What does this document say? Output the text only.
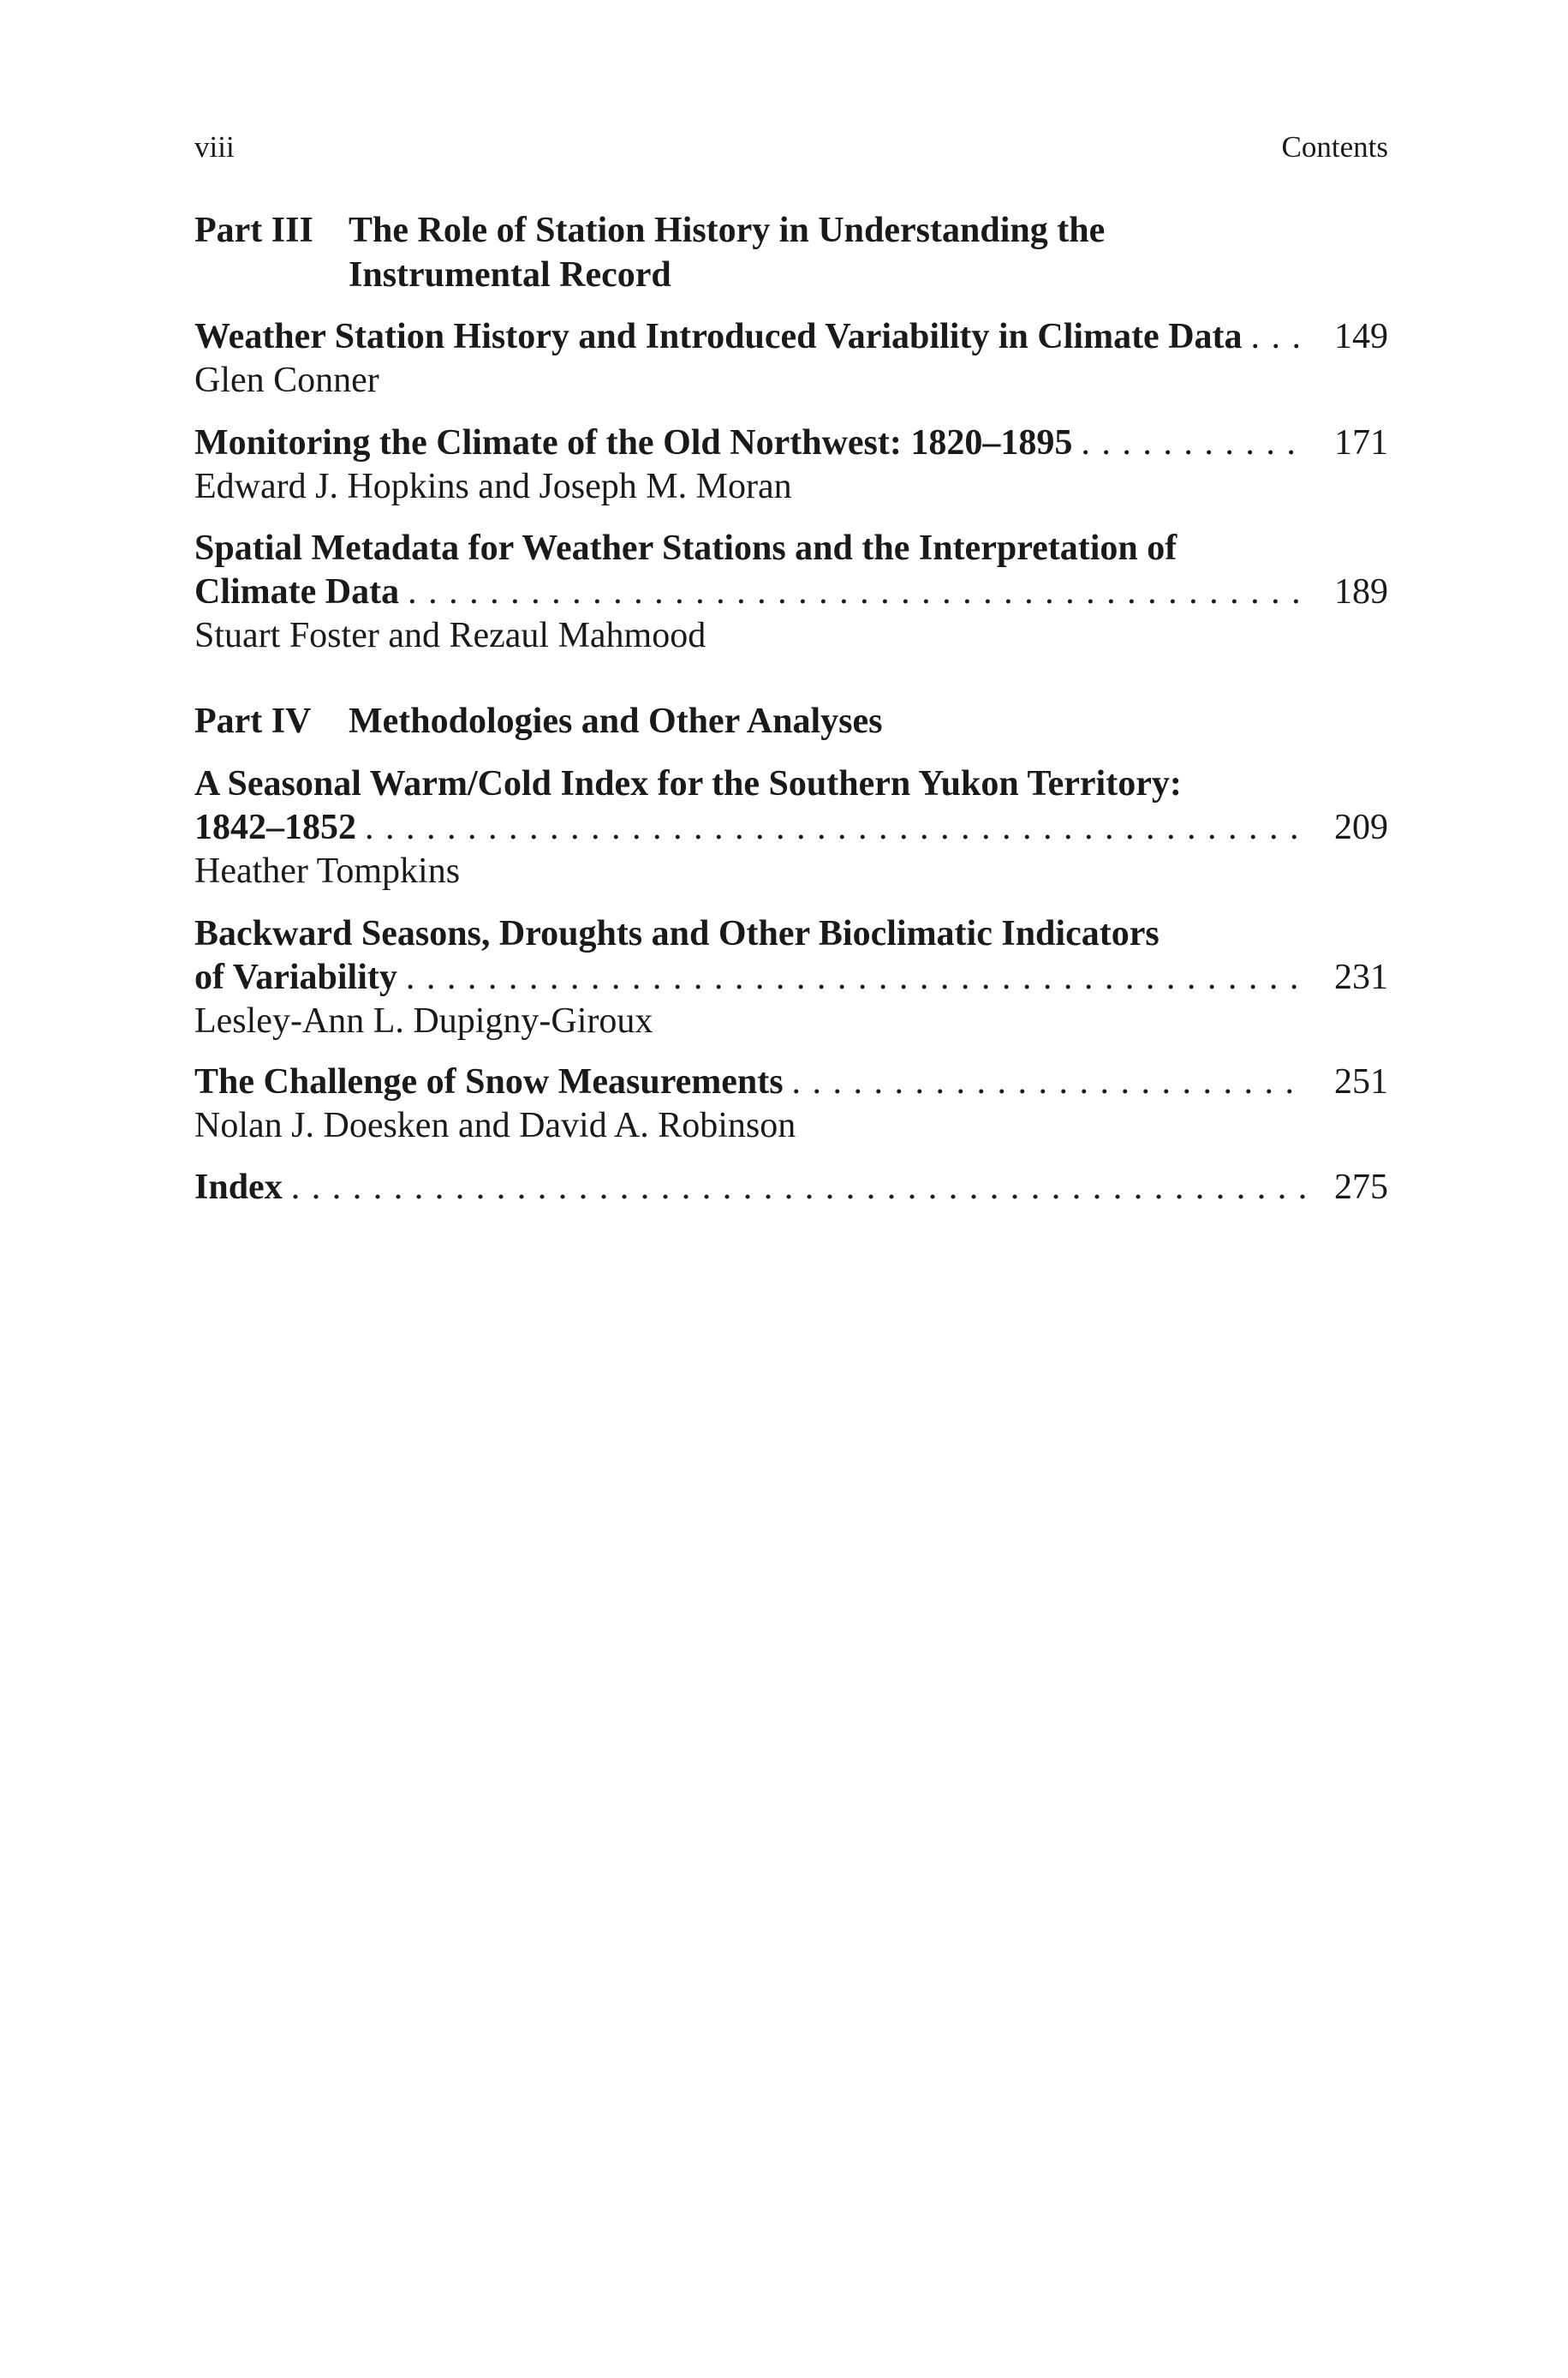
viii	Contents
Part III The Role of Station History in Understanding the
Instrumental Record
Weather Station History and Introduced Variability in Climate Data . . .	149
Glen Conner
Monitoring the Climate of the Old Northwest: 1820–1895 . . .	171
Edward J. Hopkins and Joseph M. Moran
Spatial Metadata for Weather Stations and the Interpretation of
Climate Data . . .	189
Stuart Foster and Rezaul Mahmood
Part IV Methodologies and Other Analyses
A Seasonal Warm/Cold Index for the Southern Yukon Territory:
1842–1852 . . .	209
Heather Tompkins
Backward Seasons, Droughts and Other Bioclimatic Indicators
of Variability . . .	231
Lesley-Ann L. Dupigny-Giroux
The Challenge of Snow Measurements . . .	251
Nolan J. Doesken and David A. Robinson
Index . . .	275
